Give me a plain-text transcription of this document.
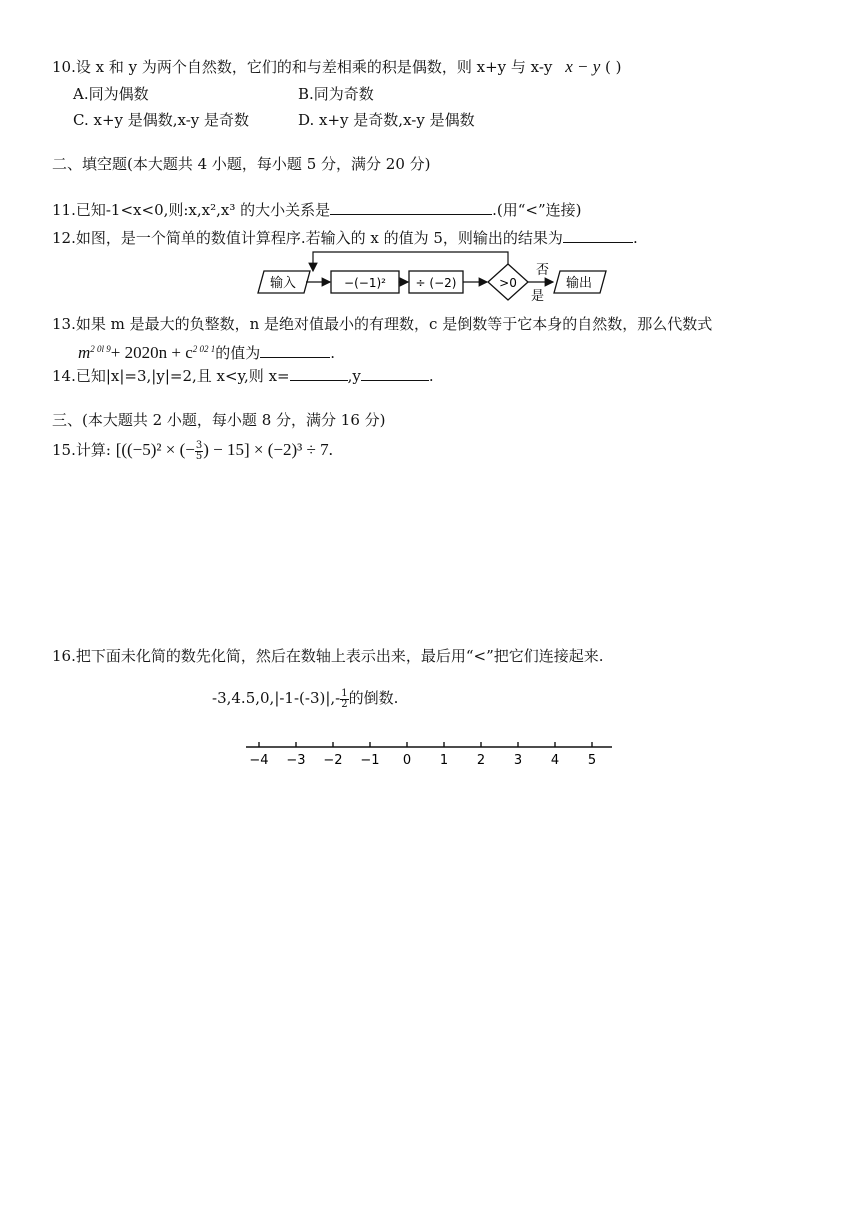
10.设 x 和 y 为两个自然数，它们的和与差相乘的积是偶数，则 x+y 与 x-y x − y ( )
A.同为偶数	B.同为奇数
C. x+y 是偶数,x-y 是奇数	D. x+y 是奇数,x-y 是偶数
二、填空题(本大题共 4 小题，每小题 5 分，满分 20 分)
11.已知-1<x<0,则:x,x²,x³ 的大小关系是	.(用“<”连接)
12.如图，是一个简单的数值计算程序.若输入的 x 的值为 5，则输出的结果为	.
输入	−(−1)² ÷ (−2)	>0
否
是
输出
13.如果 m 是最大的负整数，n 是绝对值最小的有理数，c 是倒数等于它本身的自然数，那么代数式
$m^{2 0l 9}+ 2020n + c^{2 02 1}$的值为	.
14.已知|x|=3,|y|=2,且 x<y,则 x=	,y	.
三、(本大题共 2 小题，每小题 8 分，满分 16 分)
15.计算: [((−5)² × (− $\frac{3}{5}$ ) − 15] × (−2)³ ÷ 7.
16.把下面未化简的数先化简，然后在数轴上表示出来，最后用“<”把它们连接起来.
$-3,4.5,0,|-1-(-3)|,- \frac{1}{2}$ 的倒数.
−4 −3 −2 −1 0 1 2 3 4 5
